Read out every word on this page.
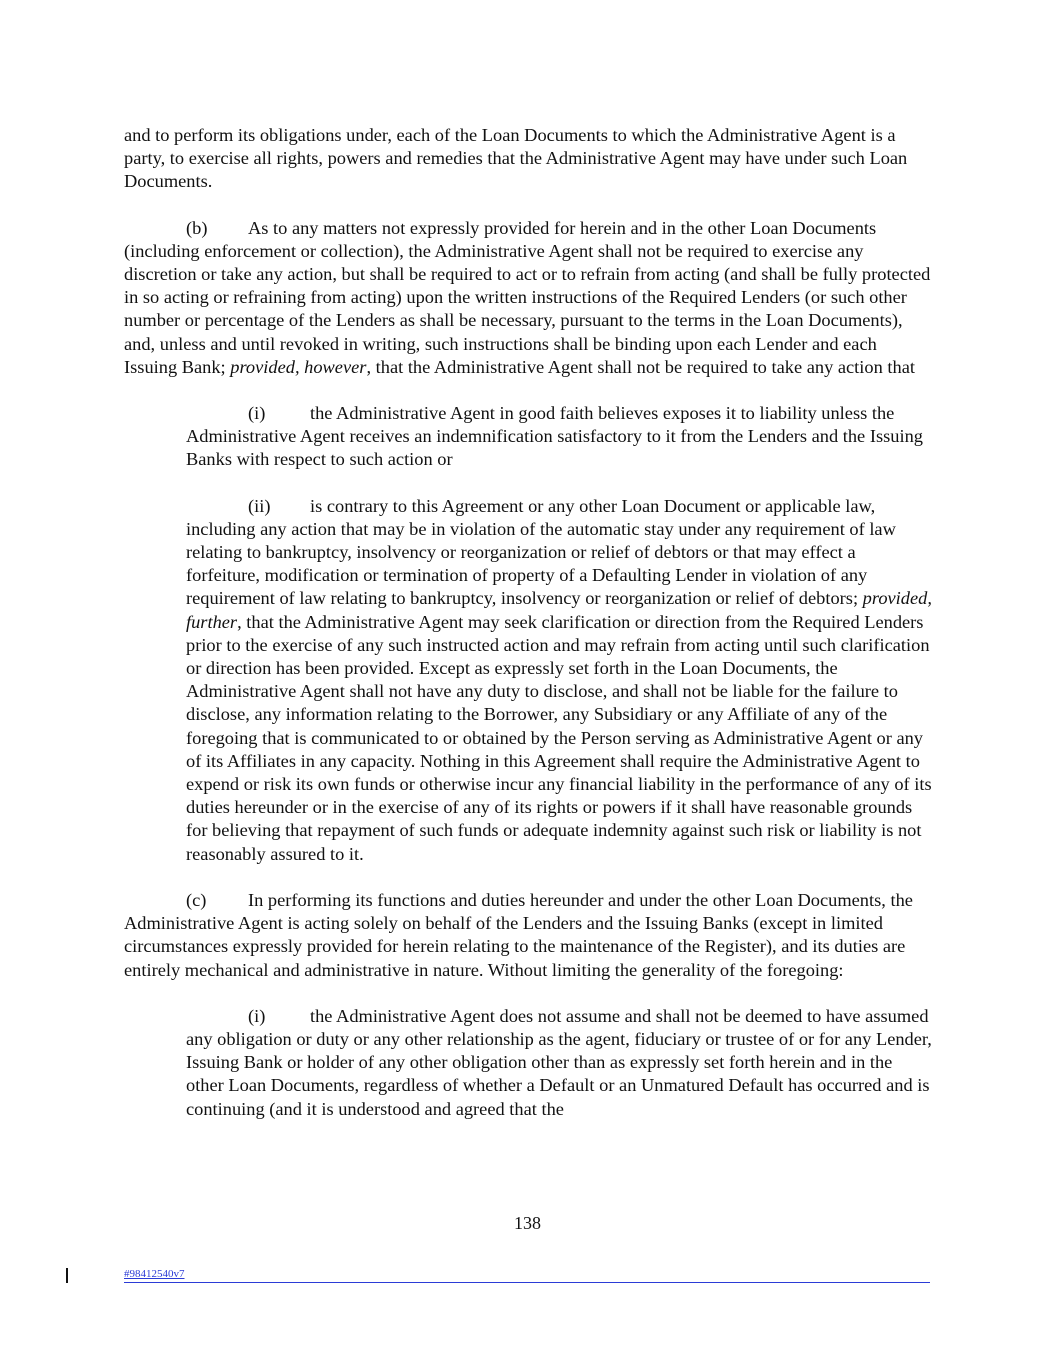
and to perform its obligations under, each of the Loan Documents to which the Administrative Agent is a party, to exercise all rights, powers and remedies that the Administrative Agent may have under such Loan Documents.

(b) As to any matters not expressly provided for herein and in the other Loan Documents (including enforcement or collection), the Administrative Agent shall not be required to exercise any discretion or take any action, but shall be required to act or to refrain from acting (and shall be fully protected in so acting or refraining from acting) upon the written instructions of the Required Lenders (or such other number or percentage of the Lenders as shall be necessary, pursuant to the terms in the Loan Documents), and, unless and until revoked in writing, such instructions shall be binding upon each Lender and each Issuing Bank; provided, however, that the Administrative Agent shall not be required to take any action that

(i) the Administrative Agent in good faith believes exposes it to liability unless the Administrative Agent receives an indemnification satisfactory to it from the Lenders and the Issuing Banks with respect to such action or

(ii) is contrary to this Agreement or any other Loan Document or applicable law, including any action that may be in violation of the automatic stay under any requirement of law relating to bankruptcy, insolvency or reorganization or relief of debtors or that may effect a forfeiture, modification or termination of property of a Defaulting Lender in violation of any requirement of law relating to bankruptcy, insolvency or reorganization or relief of debtors; provided, further, that the Administrative Agent may seek clarification or direction from the Required Lenders prior to the exercise of any such instructed action and may refrain from acting until such clarification or direction has been provided. Except as expressly set forth in the Loan Documents, the Administrative Agent shall not have any duty to disclose, and shall not be liable for the failure to disclose, any information relating to the Borrower, any Subsidiary or any Affiliate of any of the foregoing that is communicated to or obtained by the Person serving as Administrative Agent or any of its Affiliates in any capacity. Nothing in this Agreement shall require the Administrative Agent to expend or risk its own funds or otherwise incur any financial liability in the performance of any of its duties hereunder or in the exercise of any of its rights or powers if it shall have reasonable grounds for believing that repayment of such funds or adequate indemnity against such risk or liability is not reasonably assured to it.

(c) In performing its functions and duties hereunder and under the other Loan Documents, the Administrative Agent is acting solely on behalf of the Lenders and the Issuing Banks (except in limited circumstances expressly provided for herein relating to the maintenance of the Register), and its duties are entirely mechanical and administrative in nature. Without limiting the generality of the foregoing:

(i) the Administrative Agent does not assume and shall not be deemed to have assumed any obligation or duty or any other relationship as the agent, fiduciary or trustee of or for any Lender, Issuing Bank or holder of any other obligation other than as expressly set forth herein and in the other Loan Documents, regardless of whether a Default or an Unmatured Default has occurred and is continuing (and it is understood and agreed that the

138
#98412540v7
